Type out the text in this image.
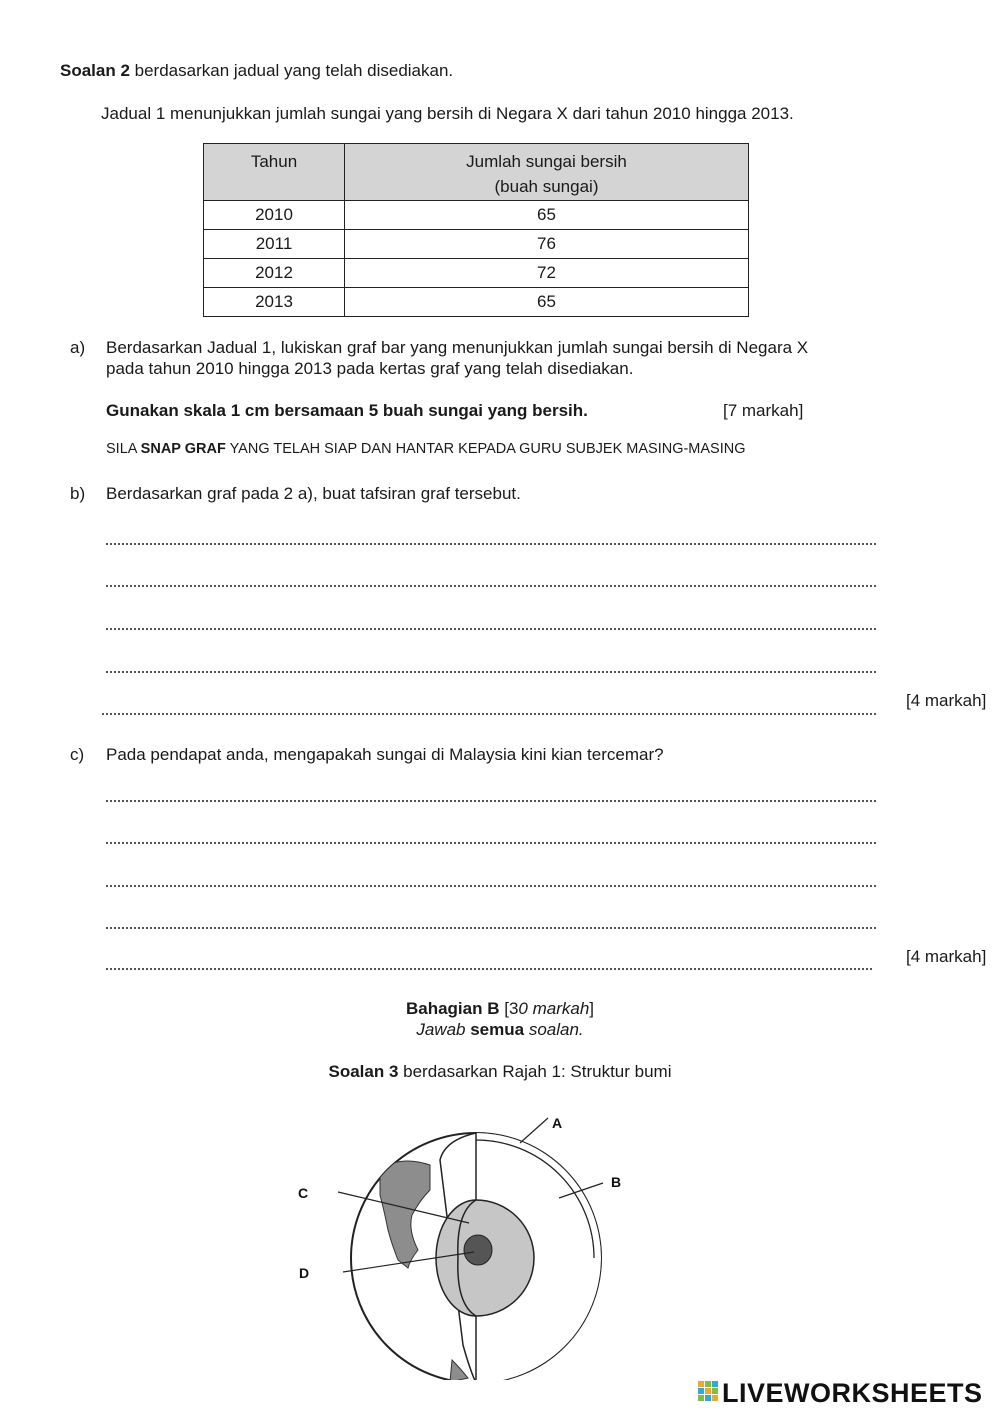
Soalan 2 berdasarkan jadual yang telah disediakan.
Jadual 1 menunjukkan jumlah sungai yang bersih di Negara X dari tahun 2010 hingga 2013.
Tahun	Jumlah sungai bersih
(buah sungai)
2010	65
2011	76
2012	72
2013	65
a) Berdasarkan Jadual 1, lukiskan graf bar yang menunjukkan jumlah sungai bersih di Negara X
pada tahun 2010 hingga 2013 pada kertas graf yang telah disediakan.
Gunakan skala 1 cm bersamaan 5 buah sungai yang bersih.	[7 markah]
SILA SNAP GRAF YANG TELAH SIAP DAN HANTAR KEPADA GURU SUBJEK MASING-MASING
b) Berdasarkan graf pada 2 a), buat tafsiran graf tersebut.
[4 markah]
c) Pada pendapat anda, mengapakah sungai di Malaysia kini kian tercemar?
[4 markah]
Bahagian B [30 markah]
Jawab semua soalan.
Soalan 3 berdasarkan Rajah 1: Struktur bumi
A
B
C
D
LIVEWORKSHEETS
